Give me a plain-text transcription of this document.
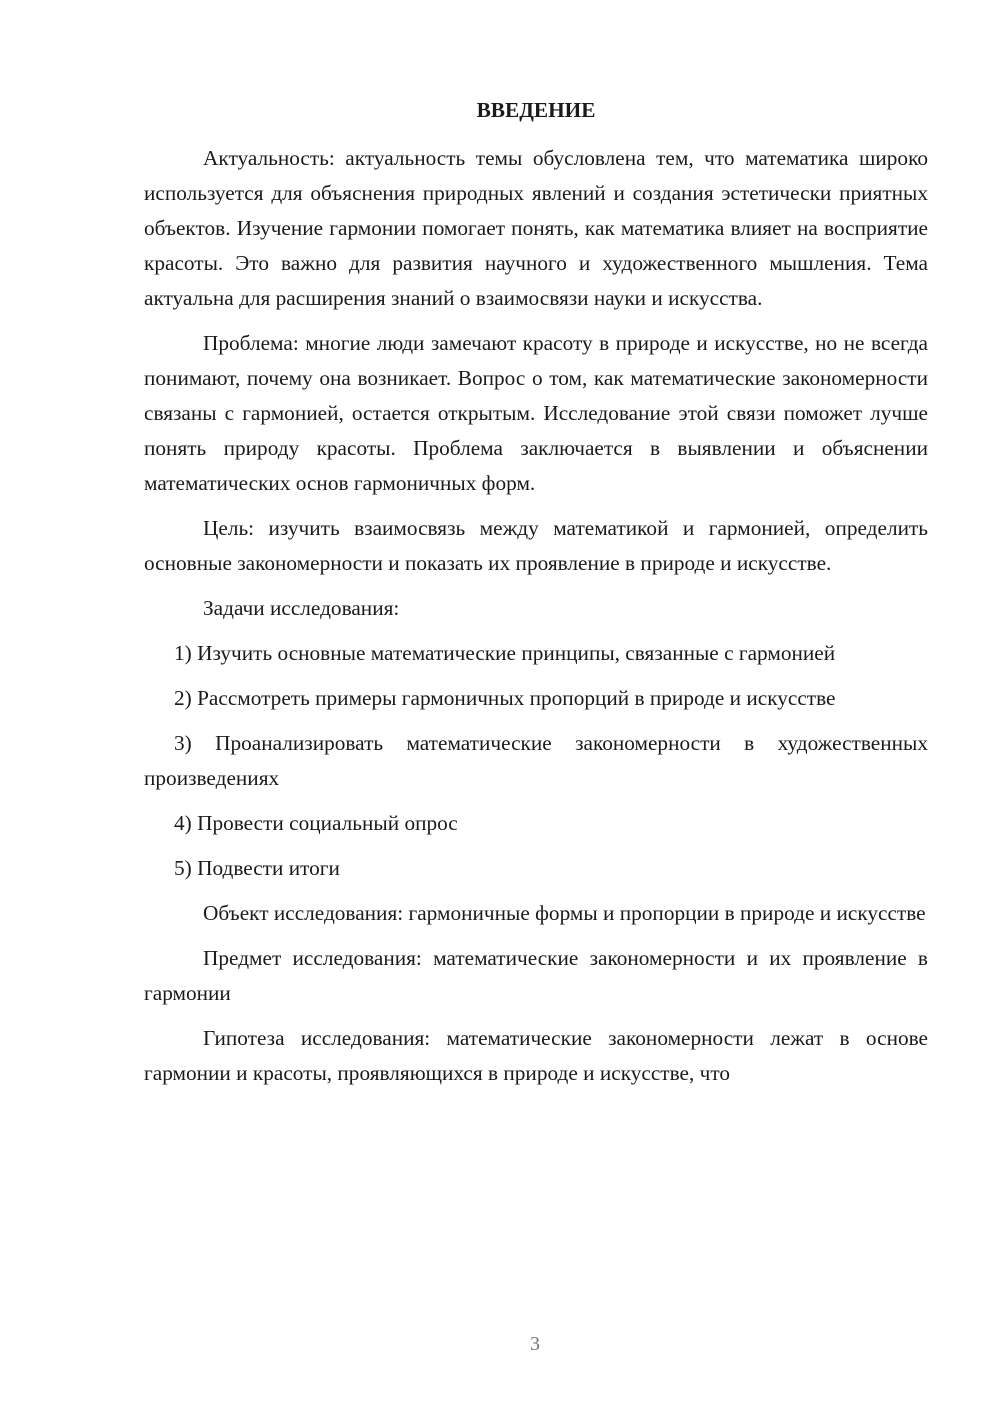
ВВЕДЕНИЕ

Актуальность: актуальность темы обусловлена тем, что математика широко используется для объяснения природных явлений и создания эстетически приятных объектов. Изучение гармонии помогает понять, как математика влияет на восприятие красоты. Это важно для развития научного и художественного мышления. Тема актуальна для расширения знаний о взаимосвязи науки и искусства.

Проблема: многие люди замечают красоту в природе и искусстве, но не всегда понимают, почему она возникает. Вопрос о том, как математические закономерности связаны с гармонией, остается открытым. Исследование этой связи поможет лучше понять природу красоты. Проблема заключается в выявлении и объяснении математических основ гармоничных форм.

Цель: изучить взаимосвязь между математикой и гармонией, определить основные закономерности и показать их проявление в природе и искусстве.

Задачи исследования:

1) Изучить основные математические принципы, связанные с гармонией

2) Рассмотреть примеры гармоничных пропорций в природе и искусстве

3) Проанализировать математические закономерности в художественных произведениях

4) Провести социальный опрос

5) Подвести итоги

Объект исследования: гармоничные формы и пропорции в природе и искусстве

Предмет исследования: математические закономерности и их проявление в гармонии

Гипотеза исследования: математические закономерности лежат в основе гармонии и красоты, проявляющихся в природе и искусстве, что

3
